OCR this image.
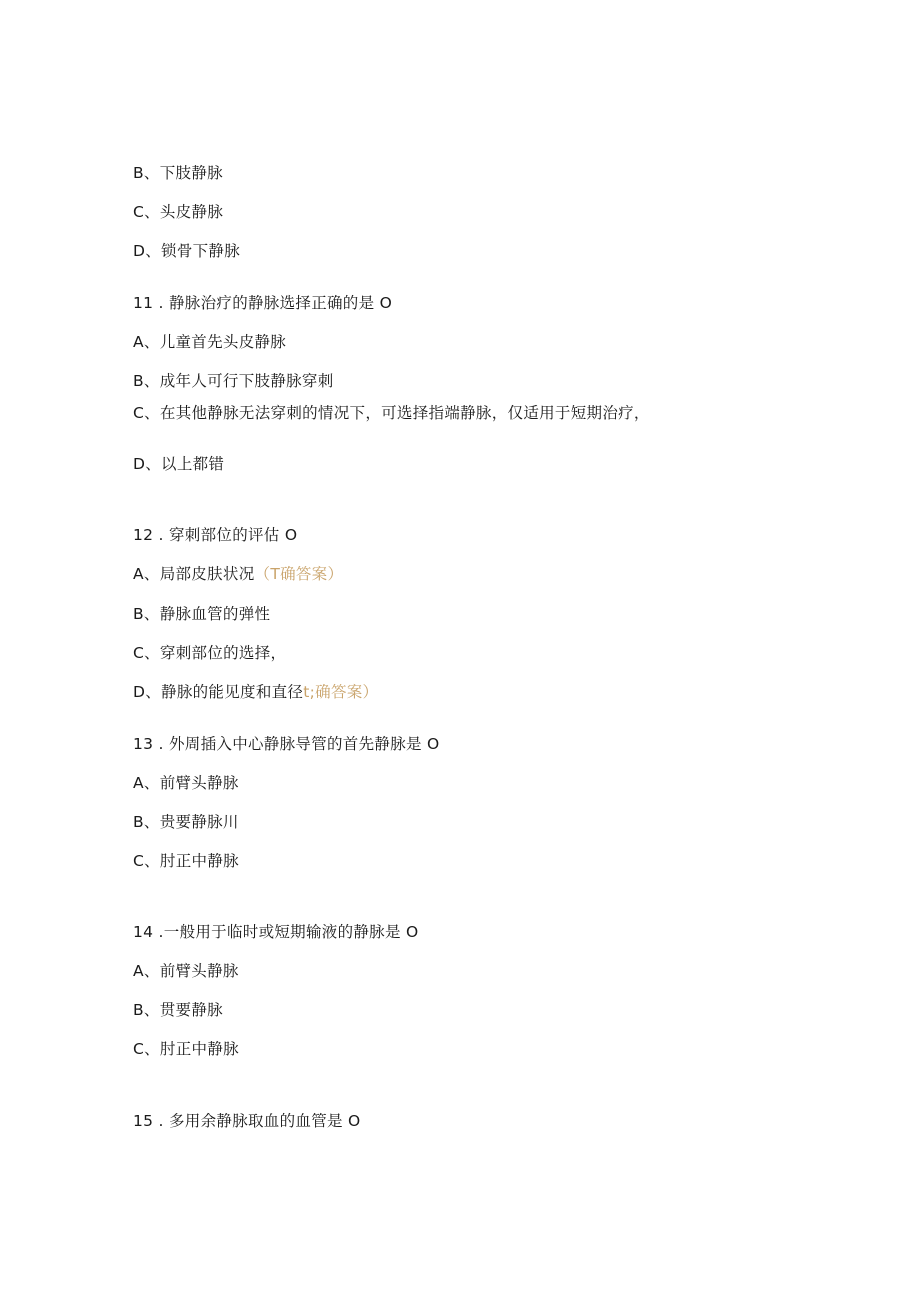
B、下肢静脉
C、头皮静脉
D、锁骨下静脉
11 . 静脉治疗的静脉选择正确的是 O
A、儿童首先头皮静脉
B、成年人可行下肢静脉穿刺
C、在其他静脉无法穿刺的情况下，可选择指端静脉，仅适用于短期治疗，
D、以上都错
12 . 穿刺部位的评估 O
A、局部皮肤状况（T确答案）
B、静脉血管的弹性
C、穿刺部位的选择，
D、静脉的能见度和直径t;确答案）
13 . 外周插入中心静脉导管的首先静脉是 O
A、前臂头静脉
B、贵要静脉川
C、肘正中静脉
14 .一般用于临时或短期输液的静脉是 O
A、前臂头静脉
B、贯要静脉
C、肘正中静脉
15 . 多用余静脉取血的血管是 O
